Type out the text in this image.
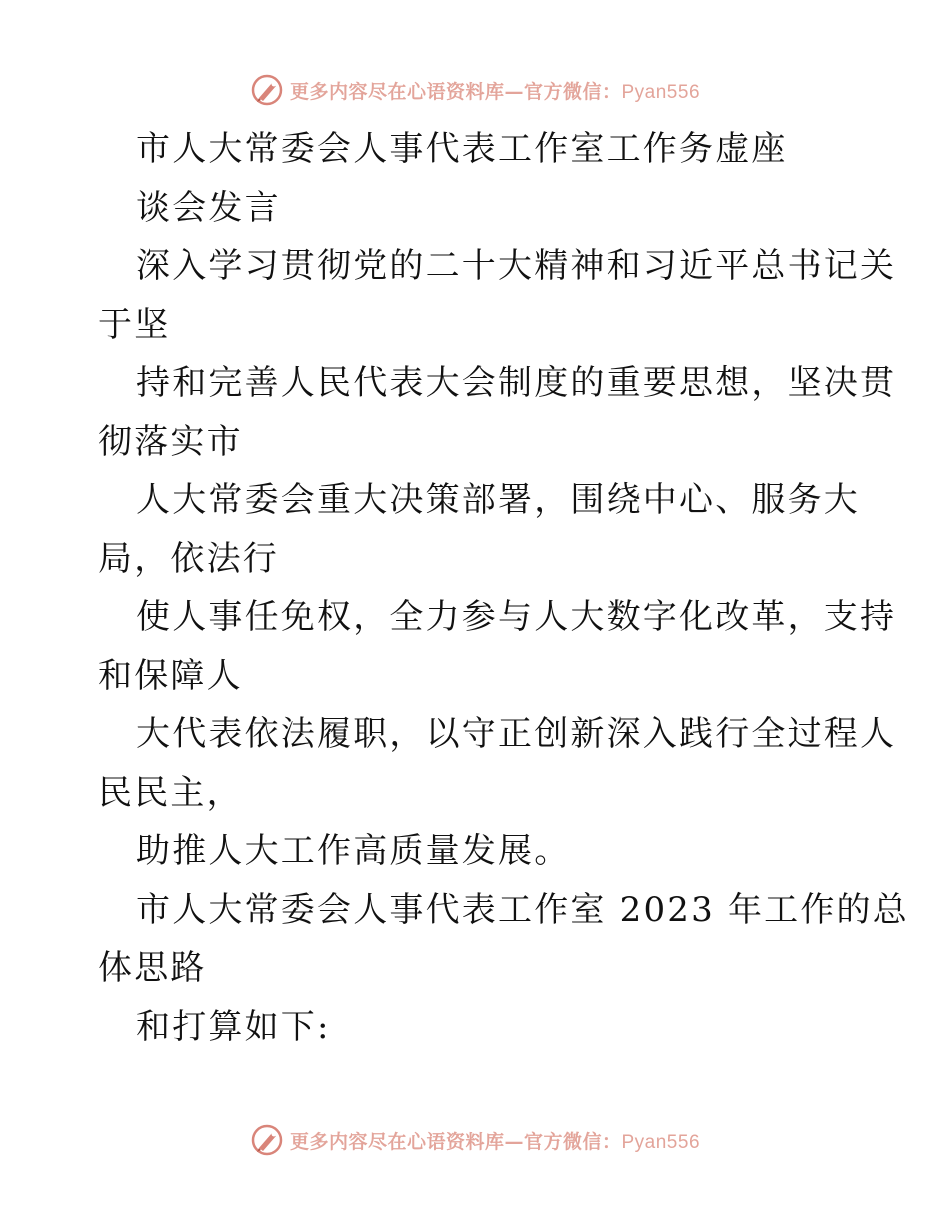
更多内容尽在心语资料库—官方微信：Pyan556
市人大常委会人事代表工作室工作务虚座
谈会发言
深入学习贯彻党的二十大精神和习近平总书记关
于坚
持和完善人民代表大会制度的重要思想，坚决贯
彻落实市
人大常委会重大决策部署，围绕中心、服务大
局，依法行
使人事任免权，全力参与人大数字化改革，支持
和保障人
大代表依法履职，以守正创新深入践行全过程人
民民主，
助推人大工作高质量发展。
市人大常委会人事代表工作室 2023 年工作的总
体思路
和打算如下:
更多内容尽在心语资料库—官方微信：Pyan556
